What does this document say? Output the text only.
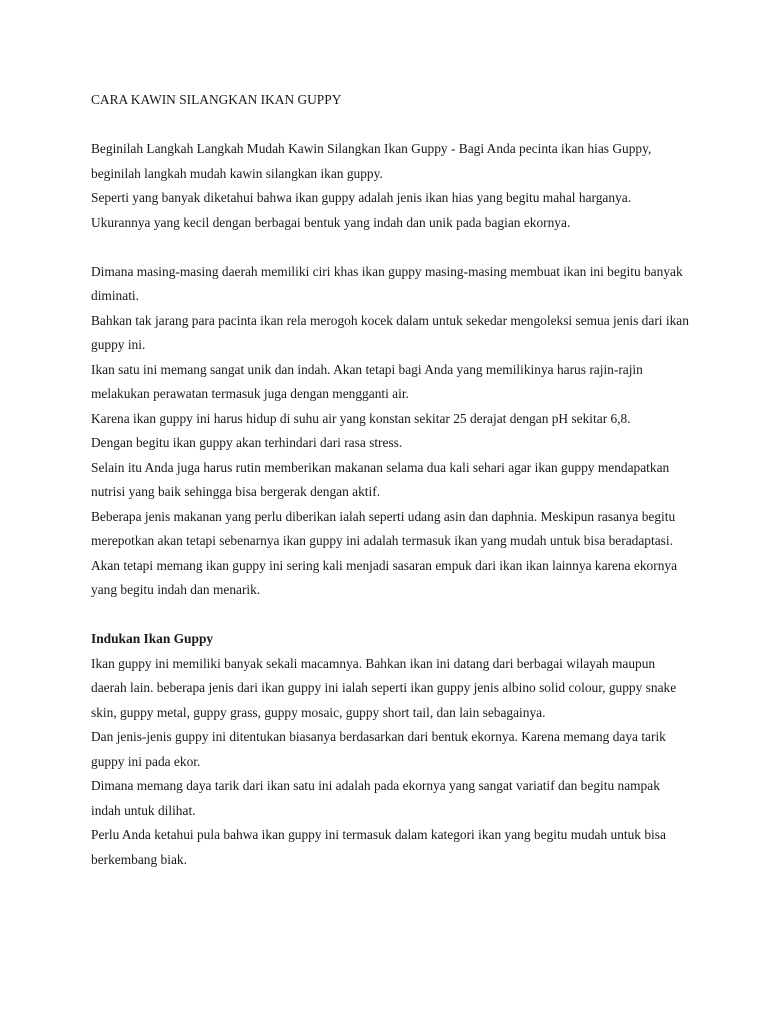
CARA KAWIN SILANGKAN IKAN GUPPY

Beginilah Langkah Langkah Mudah Kawin Silangkan Ikan Guppy - Bagi Anda pecinta ikan hias Guppy, beginilah langkah mudah kawin silangkan ikan guppy.

Seperti yang banyak diketahui bahwa ikan guppy adalah jenis ikan hias yang begitu mahal harganya.

Ukurannya yang kecil dengan berbagai bentuk yang indah dan unik pada bagian ekornya.

Dimana masing-masing daerah memiliki ciri khas ikan guppy masing-masing membuat ikan ini begitu banyak diminati.

Bahkan tak jarang para pacinta ikan rela merogoh kocek dalam untuk sekedar mengoleksi semua jenis dari ikan guppy ini.

Ikan satu ini memang sangat unik dan indah. Akan tetapi bagi Anda yang memilikinya harus rajin-rajin melakukan perawatan termasuk juga dengan mengganti air.

Karena ikan guppy ini harus hidup di suhu air yang konstan sekitar 25 derajat dengan pH sekitar 6,8.

Dengan begitu ikan guppy akan terhindari dari rasa stress.

Selain itu Anda juga harus rutin memberikan makanan selama dua kali sehari agar ikan guppy mendapatkan nutrisi yang baik sehingga bisa bergerak dengan aktif.

Beberapa jenis makanan yang perlu diberikan ialah seperti udang asin dan daphnia. Meskipun rasanya begitu merepotkan akan tetapi sebenarnya ikan guppy ini adalah termasuk ikan yang mudah untuk bisa beradaptasi.

Akan tetapi memang ikan guppy ini sering kali menjadi sasaran empuk dari ikan ikan lainnya karena ekornya yang begitu indah dan menarik.

Indukan Ikan Guppy

Ikan guppy ini memiliki banyak sekali macamnya. Bahkan ikan ini datang dari berbagai wilayah maupun daerah lain. beberapa jenis dari ikan guppy ini ialah seperti ikan guppy jenis albino solid colour, guppy snake skin, guppy metal, guppy grass, guppy mosaic, guppy short tail, dan lain sebagainya.

Dan jenis-jenis guppy ini ditentukan biasanya berdasarkan dari bentuk ekornya. Karena memang daya tarik guppy ini pada ekor.

Dimana memang daya tarik dari ikan satu ini adalah pada ekornya yang sangat variatif dan begitu nampak indah untuk dilihat.

Perlu Anda ketahui pula bahwa ikan guppy ini termasuk dalam kategori ikan yang begitu mudah untuk bisa berkembang biak.
